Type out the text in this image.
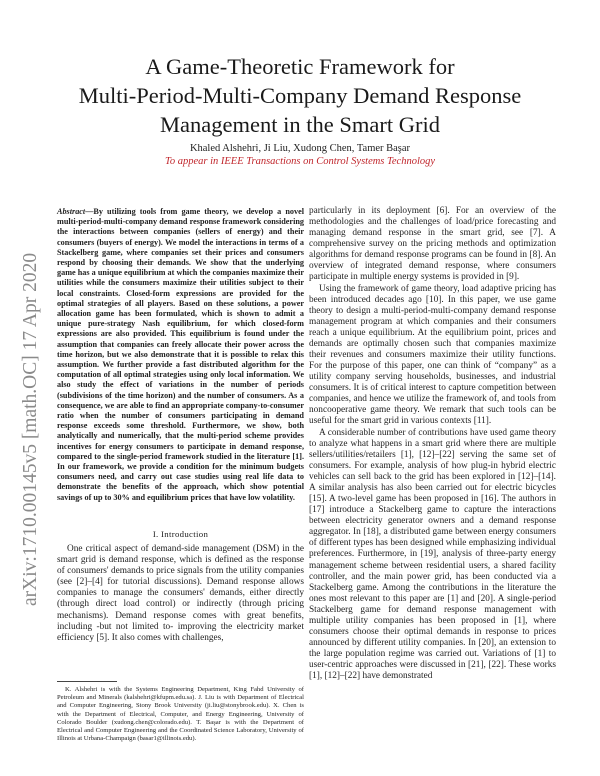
arXiv:1710.00145v5 [math.OC] 17 Apr 2020
A Game-Theoretic Framework for
Multi-Period-Multi-Company Demand Response
Management in the Smart Grid
Khaled Alshehri, Ji Liu, Xudong Chen, Tamer Başar
To appear in IEEE Transactions on Control Systems Technology
Abstract—By utilizing tools from game theory, we develop a novel multi-period-multi-company demand response framework considering the interactions between companies (sellers of energy) and their consumers (buyers of energy). We model the interactions in terms of a Stackelberg game, where companies set their prices and consumers respond by choosing their demands. We show that the underlying game has a unique equilibrium at which the companies maximize their utilities while the consumers maximize their utilities subject to their local constraints. Closed-form expressions are provided for the optimal strategies of all players. Based on these solutions, a power allocation game has been formulated, which is shown to admit a unique pure-strategy Nash equilibrium, for which closed-form expressions are also provided. This equilibrium is found under the assumption that companies can freely allocate their power across the time horizon, but we also demonstrate that it is possible to relax this assumption. We further provide a fast distributed algorithm for the computation of all optimal strategies using only local information. We also study the effect of variations in the number of periods (subdivisions of the time horizon) and the number of consumers. As a consequence, we are able to find an appropriate company-to-consumer ratio when the number of consumers participating in demand response exceeds some threshold. Furthermore, we show, both analytically and numerically, that the multi-period scheme provides incentives for energy consumers to participate in demand response, compared to the single-period framework studied in the literature [1]. In our framework, we provide a condition for the minimum budgets consumers need, and carry out case studies using real life data to demonstrate the benefits of the approach, which show potential savings of up to 30% and equilibrium prices that have low volatility.
I. Introduction

One critical aspect of demand-side management (DSM) in the smart grid is demand response, which is defined as the response of consumers' demands to price signals from the utility companies (see [2]–[4] for tutorial discussions). Demand response allows companies to manage the consumers' demands, either directly (through direct load control) or indirectly (through pricing mechanisms). Demand response comes with great benefits, including -but not limited to- improving the electricity market efficiency [5]. It also comes with challenges,

K. Alshehri is with the Systems Engineering Department, King Fahd University of Petroleum and Minerals (kalshehri@kfupm.edu.sa). J. Liu is with Department of Electrical and Computer Engineering, Stony Brook University (ji.liu@stonybrook.edu). X. Chen is with the Department of Electrical, Computer, and Energy Engineering, University of Colorado Boulder (xudong.chen@colorado.edu). T. Başar is with the Department of Electrical and Computer Engineering and the Coordinated Science Laboratory, University of Illinois at Urbana-Champaign (basar1@illinois.edu).

particularly in its deployment [6]. For an overview of the methodologies and the challenges of load/price forecasting and managing demand response in the smart grid, see [7]. A comprehensive survey on the pricing methods and optimization algorithms for demand response programs can be found in [8]. An overview of integrated demand response, where consumers participate in multiple energy systems is provided in [9].

Using the framework of game theory, load adaptive pricing has been introduced decades ago [10]. In this paper, we use game theory to design a multi-period-multi-company demand response management program at which companies and their consumers reach a unique equilibrium. At the equilibrium point, prices and demands are optimally chosen such that companies maximize their revenues and consumers maximize their utility functions. For the purpose of this paper, one can think of “company” as a utility company serving households, businesses, and industrial consumers. It is of critical interest to capture competition between companies, and hence we utilize the framework of, and tools from noncooperative game theory. We remark that such tools can be useful for the smart grid in various contexts [11].

A considerable number of contributions have used game theory to analyze what happens in a smart grid where there are multiple sellers/utilities/retailers [1], [12]–[22] serving the same set of consumers. For example, analysis of how plug-in hybrid electric vehicles can sell back to the grid has been explored in [12]–[14]. A similar analysis has also been carried out for electric bicycles [15]. A two-level game has been proposed in [16]. The authors in [17] introduce a Stackelberg game to capture the interactions between electricity generator owners and a demand response aggregator. In [18], a distributed game between energy consumers of different types has been designed while emphasizing individual preferences. Furthermore, in [19], analysis of three-party energy management scheme between residential users, a shared facility controller, and the main power grid, has been conducted via a Stackelberg game. Among the contributions in the literature the ones most relevant to this paper are [1] and [20]. A single-period Stackelberg game for demand response management with multiple utility companies has been proposed in [1], where consumers choose their optimal demands in response to prices announced by different utility companies. In [20], an extension to the large population regime was carried out. Variations of [1] to user-centric approaches were discussed in [21], [22]. These works [1], [12]–[22] have demonstrated
